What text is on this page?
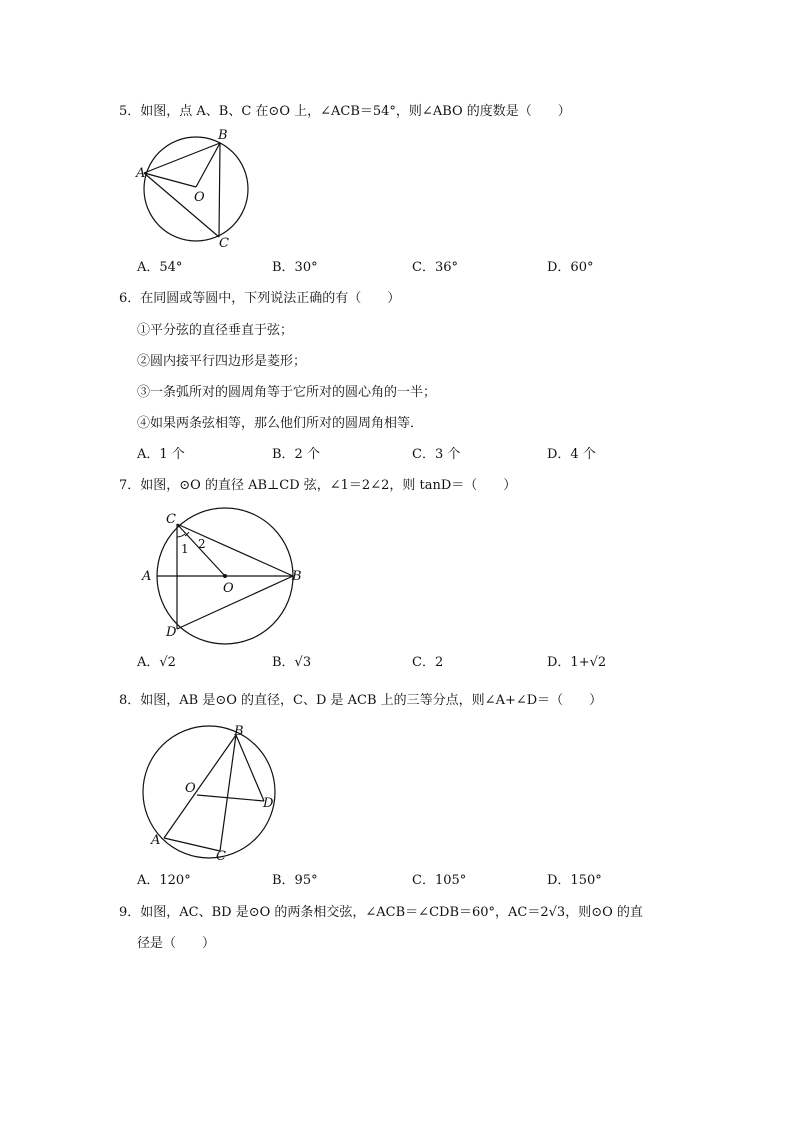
5．如图，点 A、B、C 在⊙O 上，∠ACB＝54°，则∠ABO 的度数是（　　）
A
B
O
C
A．54°	B．30°	C．36°	D．60°
6．在同圆或等圆中，下列说法正确的有（　　）
①平分弦的直径垂直于弦；
②圆内接平行四边形是菱形；
③一条弧所对的圆周角等于它所对的圆心角的一半；
④如果两条弦相等，那么他们所对的圆周角相等．
A．1 个	B．2 个	C．3 个	D．4 个
7．如图，⊙O 的直径 AB⊥CD 弦，∠1＝2∠2，则 tanD＝（　　）
C
1 2
A
O
B
D
A．√2	B．√3	C．2	D．1+√2
8．如图，AB 是⊙O 的直径，C、D 是 ACB 上的三等分点，则∠A+∠D＝（　　）
B
O
D
A
C
A．120°	B．95°	C．105°	D．150°
9．如图，AC、BD 是⊙O 的两条相交弦，∠ACB＝∠CDB＝60°，AC＝2√3，则⊙O 的直
径是（　　）
